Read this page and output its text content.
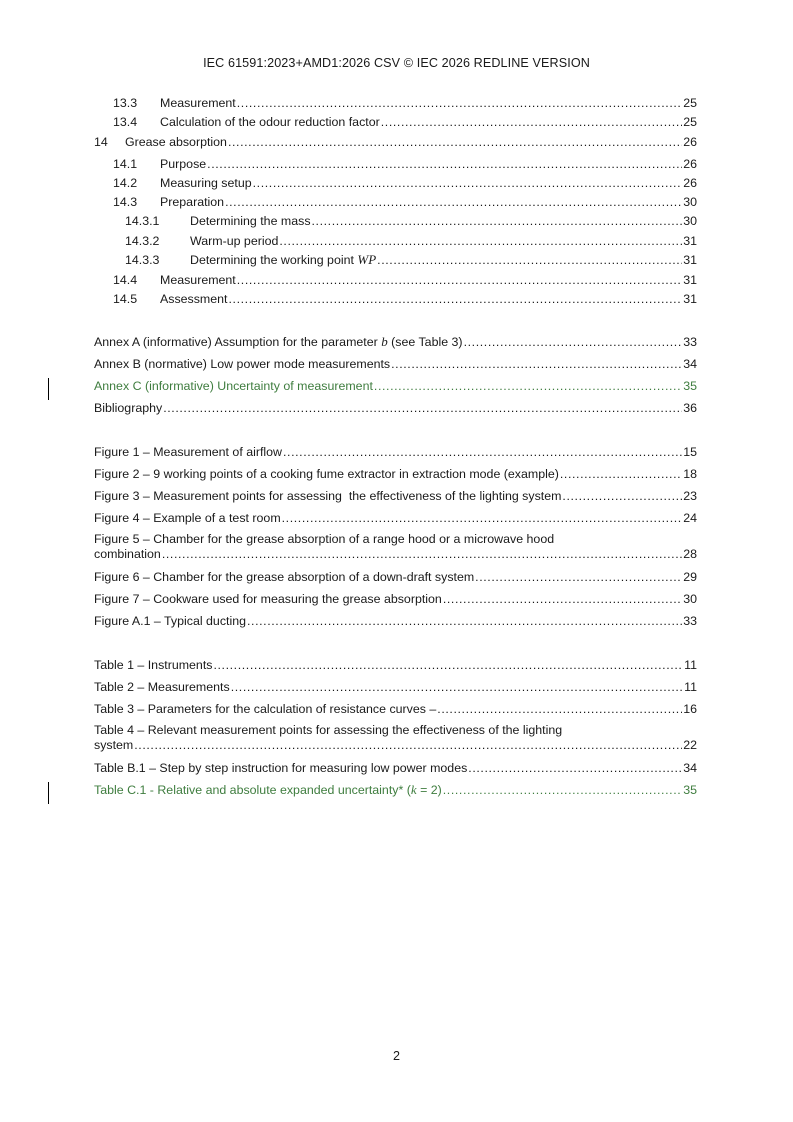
IEC 61591:2023+AMD1:2026 CSV © IEC 2026 REDLINE VERSION
13.3	Measurement .....	25
13.4	Calculation of the odour reduction factor .....	25
14	Grease absorption .....	26
14.1	Purpose .....	26
14.2	Measuring setup .....	26
14.3	Preparation .....	30
14.3.1	Determining the mass .....	30
14.3.2	Warm-up period .....	31
14.3.3	Determining the working point WP .....	31
14.4	Measurement .....	31
14.5	Assessment .....	31
Annex A (informative) Assumption for the parameter b (see Table 3) .....	33
Annex B (normative) Low power mode measurements .....	34
Annex C (informative) Uncertainty of measurement .....	35
Bibliography .....	36
Figure 1 – Measurement of airflow .....	15
Figure 2 – 9 working points of a cooking fume extractor in extraction mode (example) .....	18
Figure 3 – Measurement points for assessing  the effectiveness of the lighting system .....	23
Figure 4 – Example of a test room .....	24
Figure 5 – Chamber for the grease absorption of a range hood or a microwave hood
combination .....	28
Figure 6 – Chamber for the grease absorption of a down-draft system .....	29
Figure 7 – Cookware used for measuring the grease absorption .....	30
Figure A.1 – Typical ducting .....	33
Table 1 – Instruments .....	11
Table 2 – Measurements .....	11
Table 3 – Parameters for the calculation of resistance curves – .....	16
Table 4 – Relevant measurement points for assessing the effectiveness of the lighting
system .....	22
Table B.1 – Step by step instruction for measuring low power modes .....	34
Table C.1 - Relative and absolute expanded uncertainty* (k = 2) .....	35
2
